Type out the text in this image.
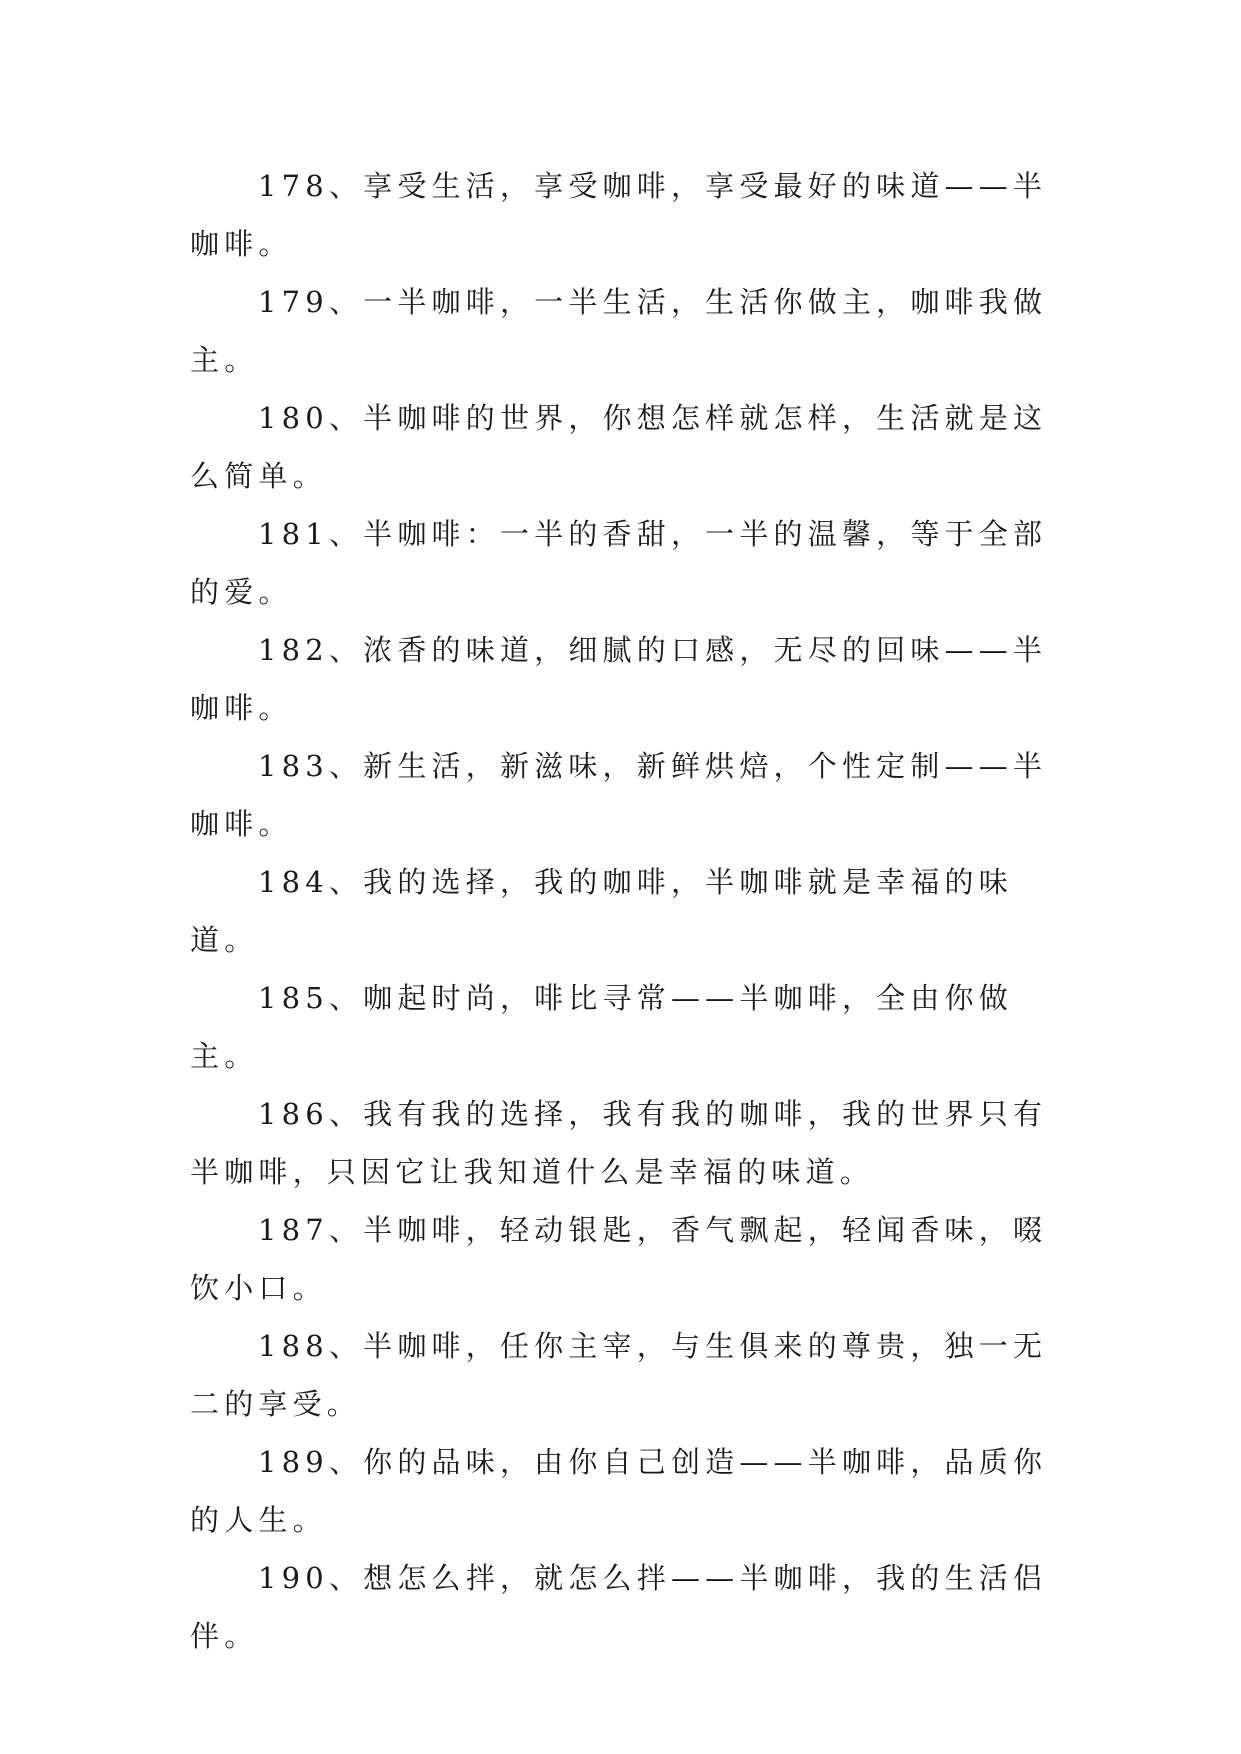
178、享受生活，享受咖啡，享受最好的味道——半咖啡。

179、一半咖啡，一半生活，生活你做主，咖啡我做主。

180、半咖啡的世界，你想怎样就怎样，生活就是这么简单。

181、半咖啡：一半的香甜，一半的温馨，等于全部的爱。

182、浓香的味道，细腻的口感，无尽的回味——半咖啡。

183、新生活，新滋味，新鲜烘焙，个性定制——半咖啡。

184、我的选择，我的咖啡，半咖啡就是幸福的味道。

185、咖起时尚，啡比寻常——半咖啡，全由你做主。

186、我有我的选择，我有我的咖啡，我的世界只有半咖啡，只因它让我知道什么是幸福的味道。

187、半咖啡，轻动银匙，香气飘起，轻闻香味，啜饮小口。

188、半咖啡，任你主宰，与生俱来的尊贵，独一无二的享受。

189、你的品味，由你自己创造——半咖啡，品质你的人生。

190、想怎么拌，就怎么拌——半咖啡，我的生活侣伴。
